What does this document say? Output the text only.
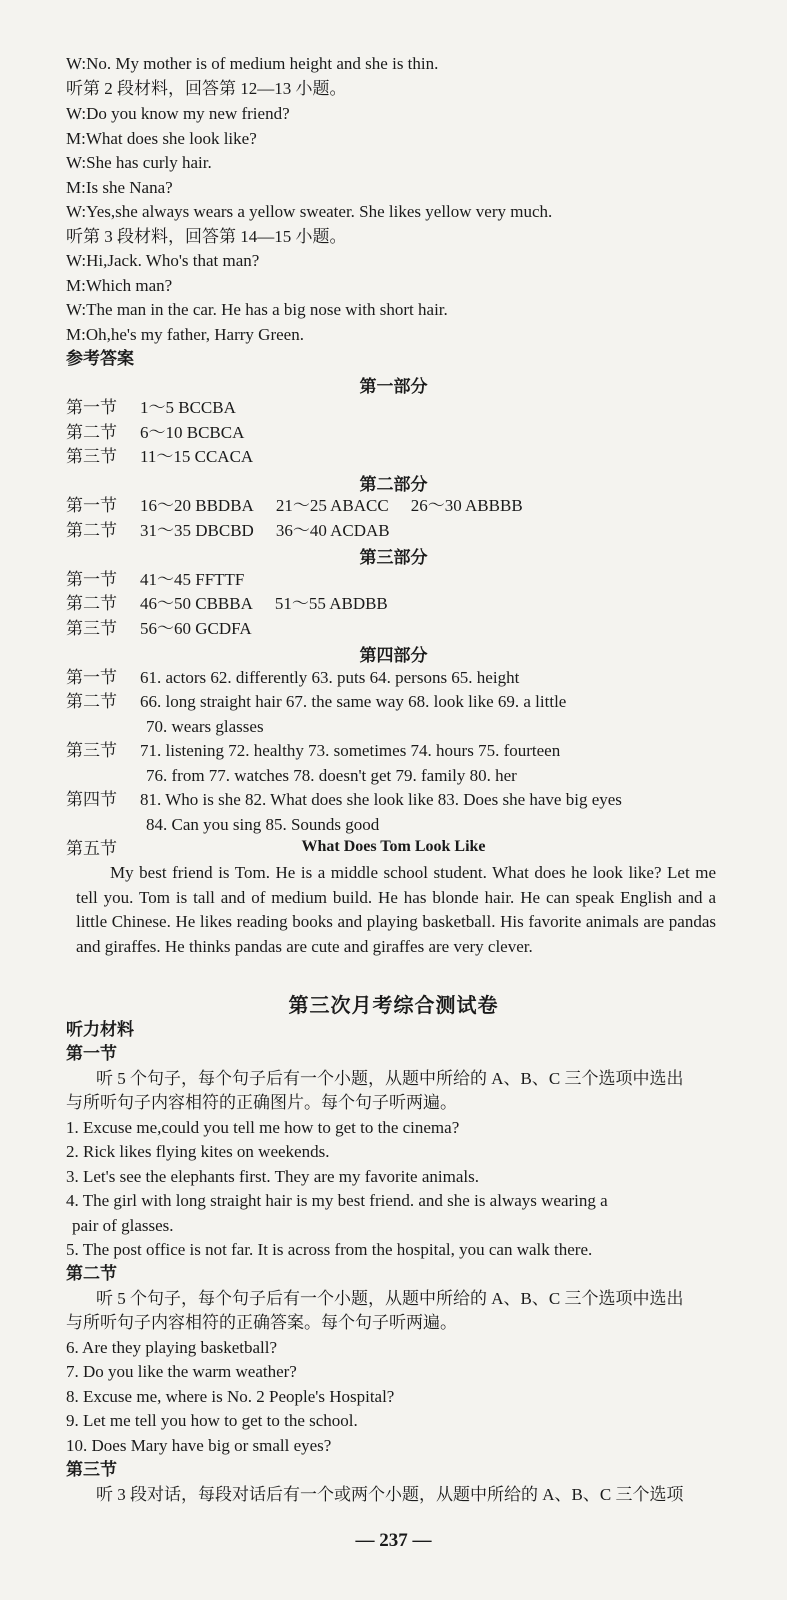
W:No. My mother is of medium height and she is thin.
听第 2 段材料，回答第 12—13 小题。
W:Do you know my new friend?
M:What does she look like?
W:She has curly hair.
M:Is she Nana?
W:Yes,she always wears a yellow sweater. She likes yellow very much.
听第 3 段材料，回答第 14—15 小题。
W:Hi,Jack. Who's that man?
M:Which man?
W:The man in the car. He has a big nose with short hair.
M:Oh,he's my father, Harry Green.
参考答案
第一部分
第一节 1～5 BCCBA
第二节 6～10 BCBCA
第三节 11～15 CCACA
第二部分
第一节 16～20 BBDBA 21～25 ABACC 26～30 ABBBB
第二节 31～35 DBCBD 36～40 ACDAB
第三部分
第一节 41～45 FFTTF
第二节 46～50 CBBBA 51～55 ABDBB
第三节 56～60 GCDFA
第四部分
第一节 61. actors 62. differently 63. puts 64. persons 65. height
第二节 66. long straight hair 67. the same way 68. look like 69. a little
70. wears glasses
第三节 71. listening 72. healthy 73. sometimes 74. hours 75. fourteen
76. from 77. watches 78. doesn't get 79. family 80. her
第四节 81. Who is she 82. What does she look like 83. Does she have big eyes
84. Can you sing 85. Sounds good
第五节	What Does Tom Look Like

My best friend is Tom. He is a middle school student. What does he look like? Let me tell you. Tom is tall and of medium build. He has blonde hair. He can speak English and a little Chinese. He likes reading books and playing basketball. His favorite animals are pandas and giraffes. He thinks pandas are cute and giraffes are very clever.

第三次月考综合测试卷
听力材料
第一节
听 5 个句子，每个句子后有一个小题，从题中所给的 A、B、C 三个选项中选出
与所听句子内容相符的正确图片。每个句子听两遍。
1. Excuse me,could you tell me how to get to the cinema?
2. Rick likes flying kites on weekends.
3. Let's see the elephants first. They are my favorite animals.
4. The girl with long straight hair is my best friend. and she is always wearing a
pair of glasses.
5. The post office is not far. It is across from the hospital, you can walk there.
第二节
听 5 个句子，每个句子后有一个小题，从题中所给的 A、B、C 三个选项中选出
与所听句子内容相符的正确答案。每个句子听两遍。
6. Are they playing basketball?
7. Do you like the warm weather?
8. Excuse me, where is No. 2 People's Hospital?
9. Let me tell you how to get to the school.
10. Does Mary have big or small eyes?
第三节
听 3 段对话，每段对话后有一个或两个小题，从题中所给的 A、B、C 三个选项
— 237 —
